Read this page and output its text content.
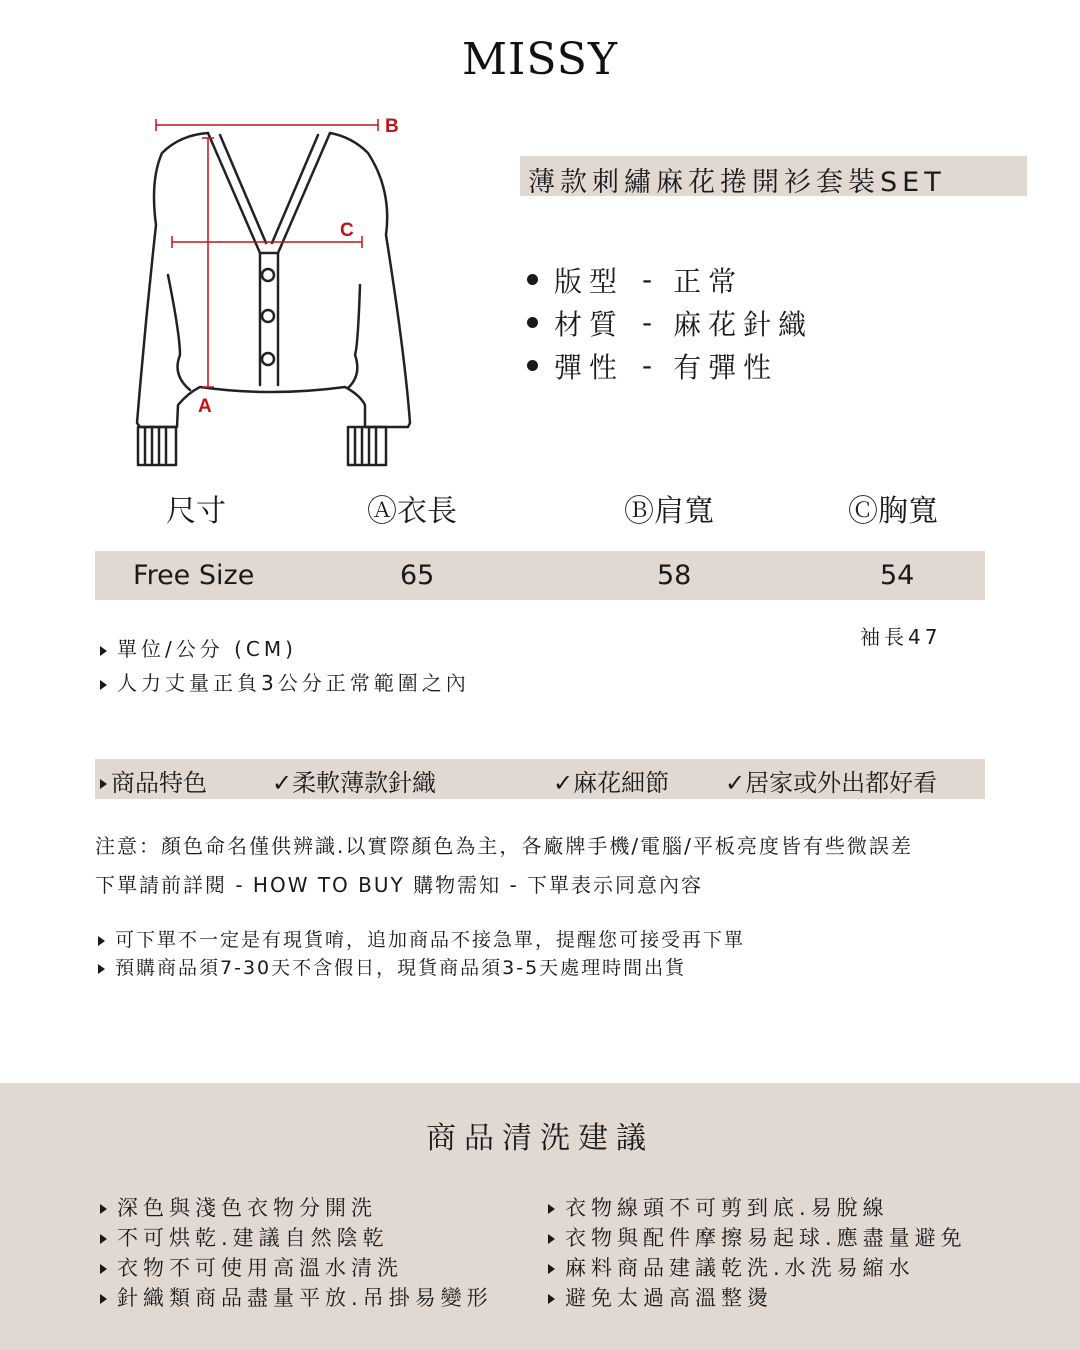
MISSY
B
C
A
薄款刺繡麻花捲開衫套裝SET
版型 - 正常
材質 - 麻花針織
彈性 - 有彈性
尺寸	Ⓐ衣長	Ⓑ肩寬	Ⓒ胸寬
Free Size	65	58	54
袖長47
單位/公分 (CM)
人力丈量正負3公分正常範圍之內
商品特色	✓柔軟薄款針織	✓麻花細節 ✓居家或外出都好看
注意：顏色命名僅供辨識.以實際顏色為主，各廠牌手機/電腦/平板亮度皆有些微誤差
下單請前詳閱 - HOW TO BUY 購物需知 - 下單表示同意內容
可下單不一定是有現貨唷，追加商品不接急單，提醒您可接受再下單
預購商品須7-30天不含假日，現貨商品須3-5天處理時間出貨
商品清洗建議
深色與淺色衣物分開洗
不可烘乾.建議自然陰乾
衣物不可使用高溫水清洗
針織類商品盡量平放.吊掛易變形
衣物線頭不可剪到底.易脫線
衣物與配件摩擦易起球.應盡量避免
麻料商品建議乾洗.水洗易縮水
避免太過高溫整燙
